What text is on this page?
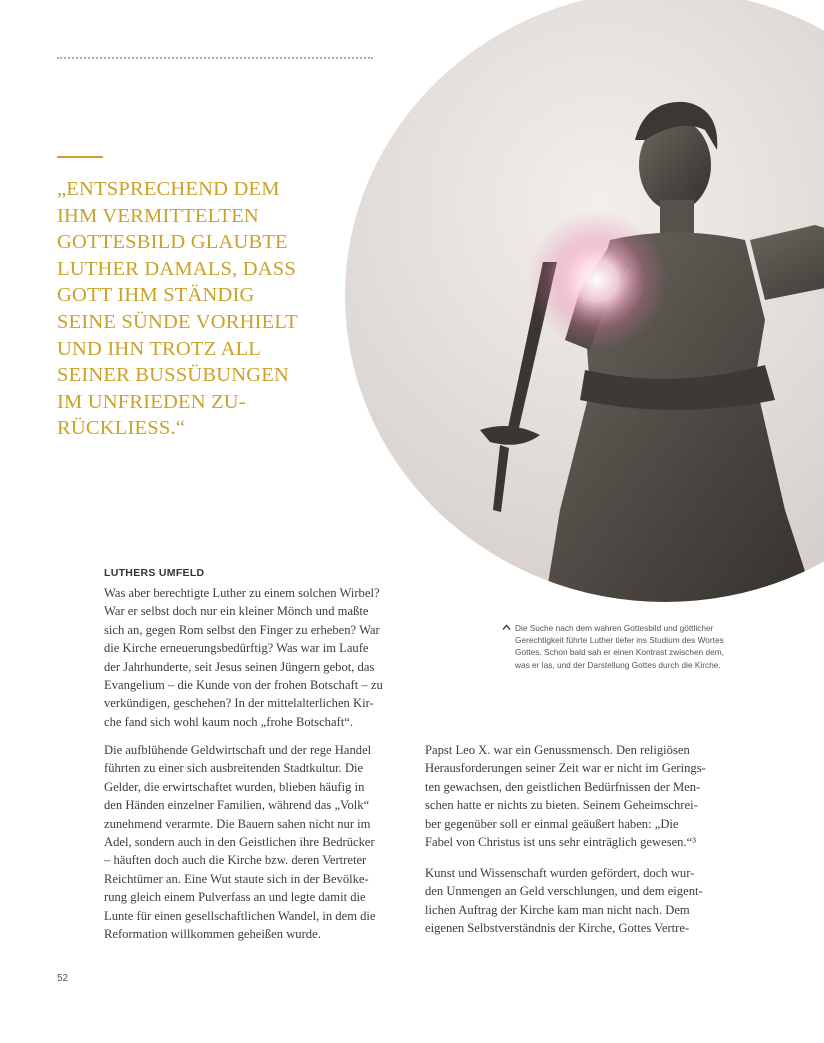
„ENTSPRECHEND DEM
IHM VERMITTELTEN
GOTTESBILD GLAUBTE
LUTHER DAMALS, DASS
GOTT IHM STÄNDIG
SEINE SÜNDE VORHIELT
UND IHN TROTZ ALL
SEINER BUSSÜBUNGEN
IM UNFRIEDEN ZU-
RÜCKLIESS.“

LUTHERS UMFELD

Was aber berechtigte Luther zu einem solchen Wirbel?
War er selbst doch nur ein kleiner Mönch und maßte
sich an, gegen Rom selbst den Finger zu erheben? War
die Kirche erneuerungsbedürftig? Was war im Laufe
der Jahrhunderte, seit Jesus seinen Jüngern gebot, das
Evangelium – die Kunde von der frohen Botschaft – zu
verkündigen, geschehen? In der mittelalterlichen Kir-
che fand sich wohl kaum noch „frohe Botschaft“.

Die aufblühende Geldwirtschaft und der rege Handel
führten zu einer sich ausbreitenden Stadtkultur. Die
Gelder, die erwirtschaftet wurden, blieben häufig in
den Händen einzelner Familien, während das „Volk“
zunehmend verarmte. Die Bauern sahen nicht nur im
Adel, sondern auch in den Geistlichen ihre Bedrücker
– häuften doch auch die Kirche bzw. deren Vertreter
Reichtümer an. Eine Wut staute sich in der Bevölke-
rung gleich einem Pulverfass an und legte damit die
Lunte für einen gesellschaftlichen Wandel, in dem die
Reformation willkommen geheißen wurde.

Die Suche nach dem wahren Gottesbild und göttlicher
Gerechtigkeit führte Luther tiefer ins Studium des Wortes
Gottes. Schon bald sah er einen Kontrast zwischen dem,
was er las, und der Darstellung Gottes durch die Kirche.

Papst Leo X. war ein Genussmensch. Den religiösen
Herausforderungen seiner Zeit war er nicht im Gerings-
ten gewachsen, den geistlichen Bedürfnissen der Men-
schen hatte er nichts zu bieten. Seinem Geheimschrei-
ber gegenüber soll er einmal geäußert haben: „Die
Fabel von Christus ist uns sehr einträglich gewesen.“³

Kunst und Wissenschaft wurden gefördert, doch wur-
den Unmengen an Geld verschlungen, und dem eigent-
lichen Auftrag der Kirche kam man nicht nach. Dem
eigenen Selbstverständnis der Kirche, Gottes Vertre-

52
